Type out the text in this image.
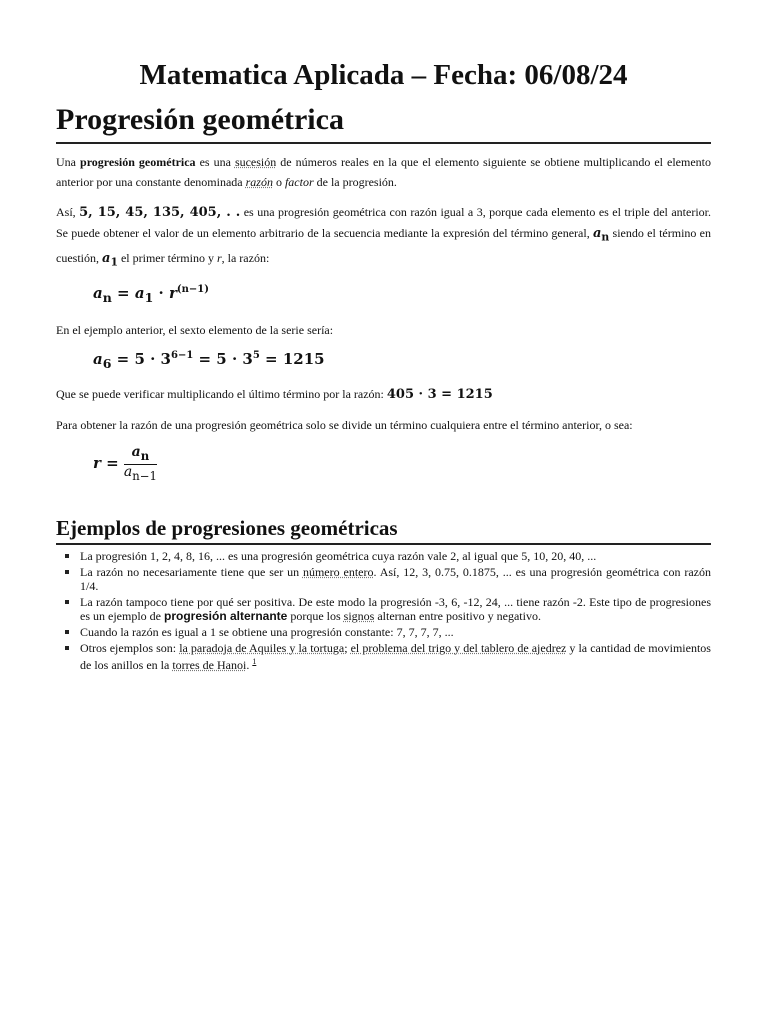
Matematica Aplicada – Fecha: 06/08/24
Progresión geométrica

Una progresión geométrica es una sucesión de números reales en la que el elemento siguiente se obtiene multiplicando el elemento anterior por una constante denominada razón o factor de la progresión.

Así, 5, 15, 45, 135, 405, . . es una progresión geométrica con razón igual a 3, porque cada elemento es el triple del anterior. Se puede obtener el valor de un elemento arbitrario de la secuencia mediante la expresión del término general, $a_n$ siendo el término en cuestión, $a_1$ el primer término y r, la razón:

$a_n = a_1 \cdot r^{(n-1)}$

En el ejemplo anterior, el sexto elemento de la serie sería:

$a_6 = 5 \cdot 3^{6-1} = 5 \cdot 3^5 = 1215$

Que se puede verificar multiplicando el último término por la razón: 405 · 3 = 1215

Para obtener la razón de una progresión geométrica solo se divide un término cualquiera entre el término anterior, o sea:

$r = \frac{a_n}{a_{n-1}}$
Ejemplos de progresiones geométricas
La progresión 1, 2, 4, 8, 16, ... es una progresión geométrica cuya razón vale 2, al igual que 5, 10, 20, 40, ...
La razón no necesariamente tiene que ser un número entero. Así, 12, 3, 0.75, 0.1875, ... es una progresión geométrica con razón 1/4.
La razón tampoco tiene por qué ser positiva. De este modo la progresión -3, 6, -12, 24, ... tiene razón -2. Este tipo de progresiones es un ejemplo de progresión alternante porque los signos alternan entre positivo y negativo.
Cuando la razón es igual a 1 se obtiene una progresión constante: 7, 7, 7, 7, ...
Otros ejemplos son: la paradoja de Aquiles y la tortuga; el problema del trigo y del tablero de ajedrez y la cantidad de movimientos de los anillos en la torres de Hanoi. $^1$
